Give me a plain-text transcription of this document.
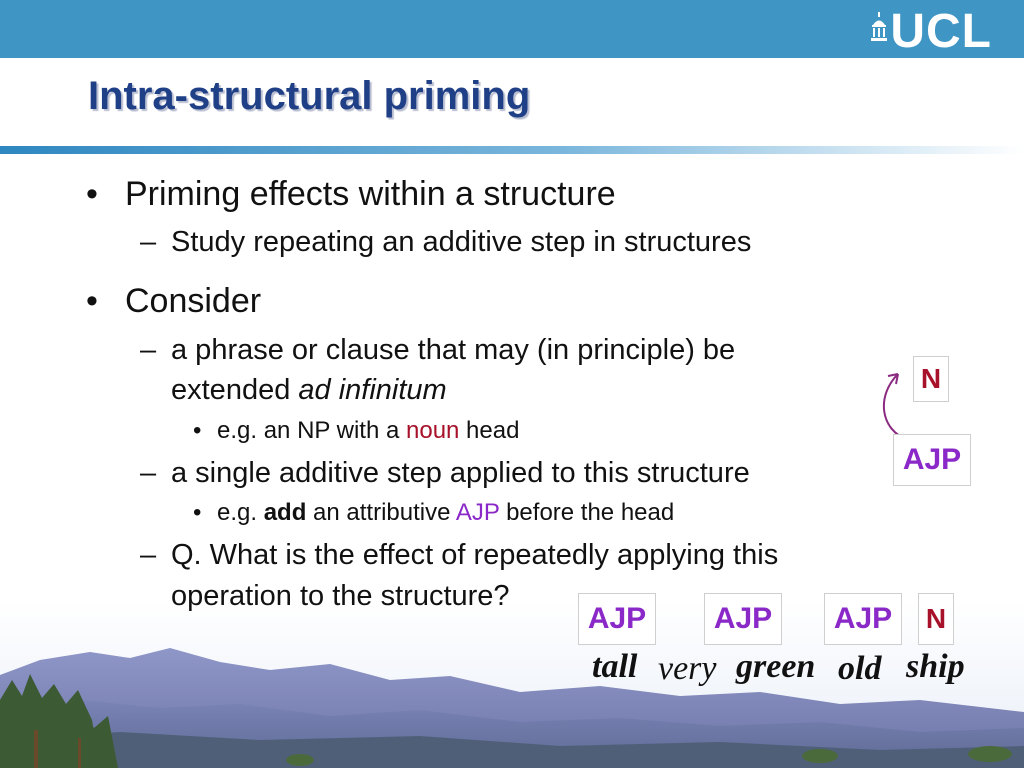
UCL
Intra-structural priming
• Priming effects within a structure
– Study repeating an additive step in structures
• Consider
– a phrase or clause that may (in principle) be
extended ad infinitum
• e.g. an NP with a noun head
– a single additive step applied to this structure
• e.g. add an attributive AJP before the head
– Q. What is the effect of repeatedly applying this
operation to the structure?
N
AJP
AJP	AJP	AJP	N
tall very green old ship
